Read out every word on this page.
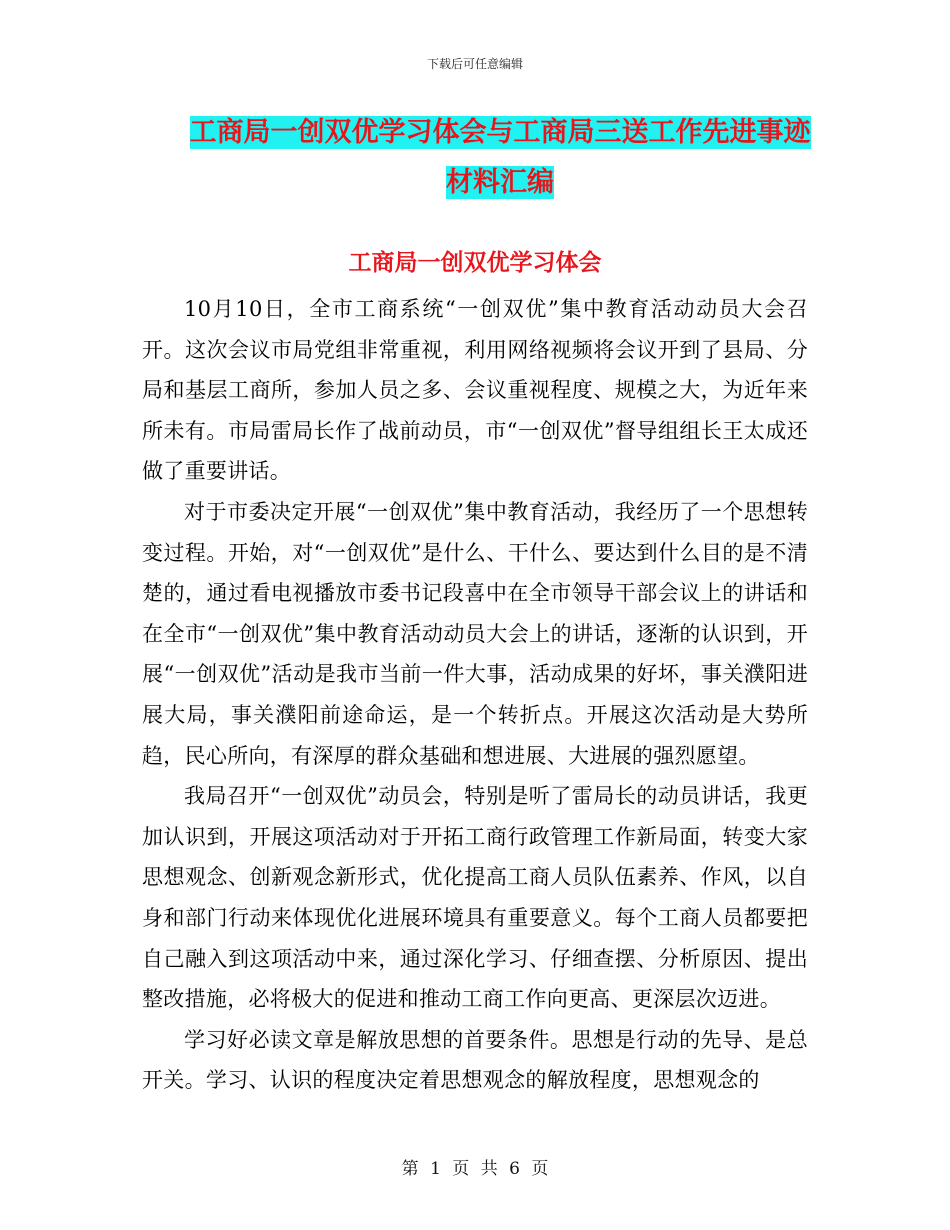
下载后可任意编辑
工商局一创双优学习体会与工商局三送工作先进事迹
材料汇编
工商局一创双优学习体会

10月10日，全市工商系统“一创双优”集中教育活动动员大会召开。这次会议市局党组非常重视，利用网络视频将会议开到了县局、分局和基层工商所，参加人员之多、会议重视程度、规模之大，为近年来所未有。市局雷局长作了战前动员，市“一创双优”督导组组长王太成还做了重要讲话。

对于市委决定开展“一创双优”集中教育活动，我经历了一个思想转变过程。开始，对“一创双优”是什么、干什么、要达到什么目的是不清楚的，通过看电视播放市委书记段喜中在全市领导干部会议上的讲话和在全市“一创双优”集中教育活动动员大会上的讲话，逐渐的认识到，开展“一创双优”活动是我市当前一件大事，活动成果的好坏，事关濮阳进展大局，事关濮阳前途命运，是一个转折点。开展这次活动是大势所趋，民心所向，有深厚的群众基础和想进展、大进展的强烈愿望。

我局召开“一创双优”动员会，特别是听了雷局长的动员讲话，我更加认识到，开展这项活动对于开拓工商行政管理工作新局面，转变大家思想观念、创新观念新形式，优化提高工商人员队伍素养、作风，以自身和部门行动来体现优化进展环境具有重要意义。每个工商人员都要把自己融入到这项活动中来，通过深化学习、仔细查摆、分析原因、提出整改措施，必将极大的促进和推动工商工作向更高、更深层次迈进。

学习好必读文章是解放思想的首要条件。思想是行动的先导、是总开关。学习、认识的程度决定着思想观念的解放程度，思想观念的

第 1 页 共 6 页
